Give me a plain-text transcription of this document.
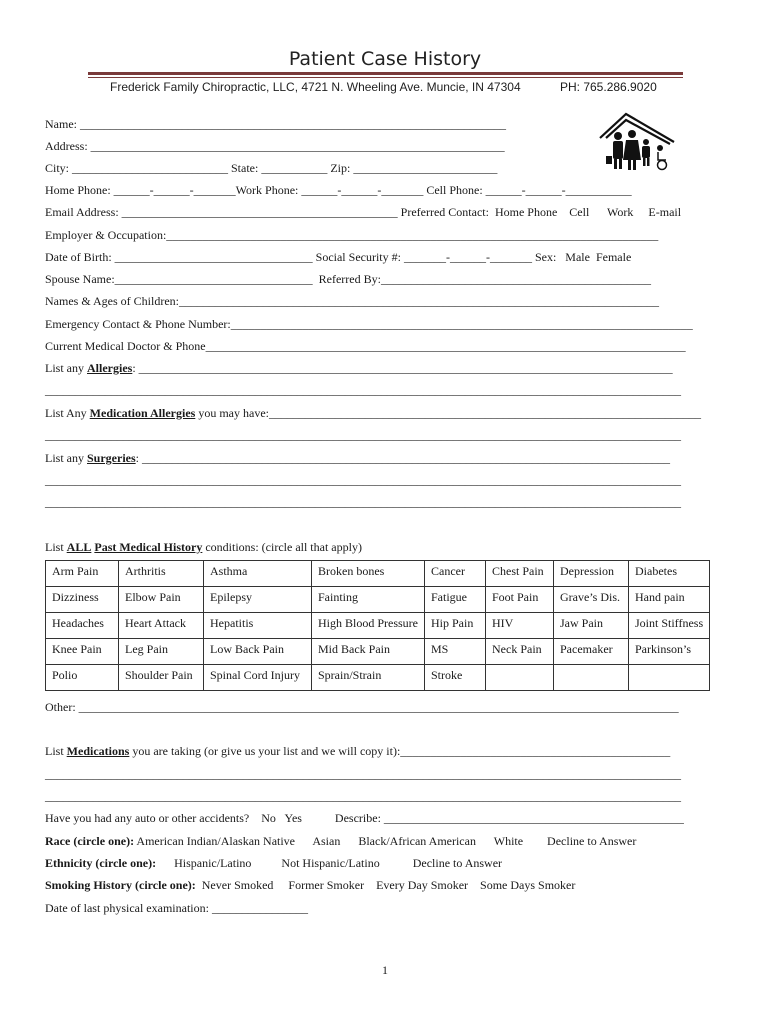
Patient Case History
Frederick Family Chiropractic, LLC, 4721 N. Wheeling Ave. Muncie, IN 47304	PH: 765.286.9020
Name: _______________________________________________________________________
Address: _____________________________________________________________________
City: __________________________ State: ___________ Zip: ________________________
Home Phone: ______-______-_______Work Phone: ______-______-_______ Cell Phone: ______-______-___________
Email Address: ______________________________________________ Preferred Contact:  Home Phone    Cell      Work     E-mail
Employer & Occupation:__________________________________________________________________________________
Date of Birth: _________________________________ Social Security #: _______-______-_______ Sex:   Male  Female
Spouse Name:_________________________________  Referred By:_____________________________________________
Names & Ages of Children:________________________________________________________________________________
Emergency Contact & Phone Number:_____________________________________________________________________________
Current Medical Doctor & Phone________________________________________________________________________________
List any Allergies: _________________________________________________________________________________________
__________________________________________________________________________________________________________
List Any Medication Allergies you may have:________________________________________________________________________
__________________________________________________________________________________________________________
List any Surgeries: ________________________________________________________________________________________
__________________________________________________________________________________________________________
__________________________________________________________________________________________________________
List ALL Past Medical History conditions: (circle all that apply)
Arm Pain	Arthritis	Asthma	Broken bones	Cancer	Chest Pain	Depression	Diabetes
Dizziness	Elbow Pain	Epilepsy	Fainting	Fatigue	Foot Pain	Grave’s Dis.	Hand pain
Headaches	Heart Attack	Hepatitis	High Blood Pressure	Hip Pain	HIV	Jaw Pain	Joint Stiffness
Knee Pain	Leg Pain	Low Back Pain	Mid Back Pain	MS	Neck Pain	Pacemaker	Parkinson’s
Polio	Shoulder Pain	Spinal Cord Injury	Sprain/Strain	Stroke			
Other: ____________________________________________________________________________________________________
List Medications you are taking (or give us your list and we will copy it):_____________________________________________
__________________________________________________________________________________________________________
__________________________________________________________________________________________________________
Have you had any auto or other accidents?    No   Yes           Describe: __________________________________________________
Race (circle one): American Indian/Alaskan Native      Asian      Black/African American      White        Decline to Answer
Ethnicity (circle one):      Hispanic/Latino          Not Hispanic/Latino           Decline to Answer
Smoking History (circle one):  Never Smoked     Former Smoker    Every Day Smoker    Some Days Smoker
Date of last physical examination: ________________
1
